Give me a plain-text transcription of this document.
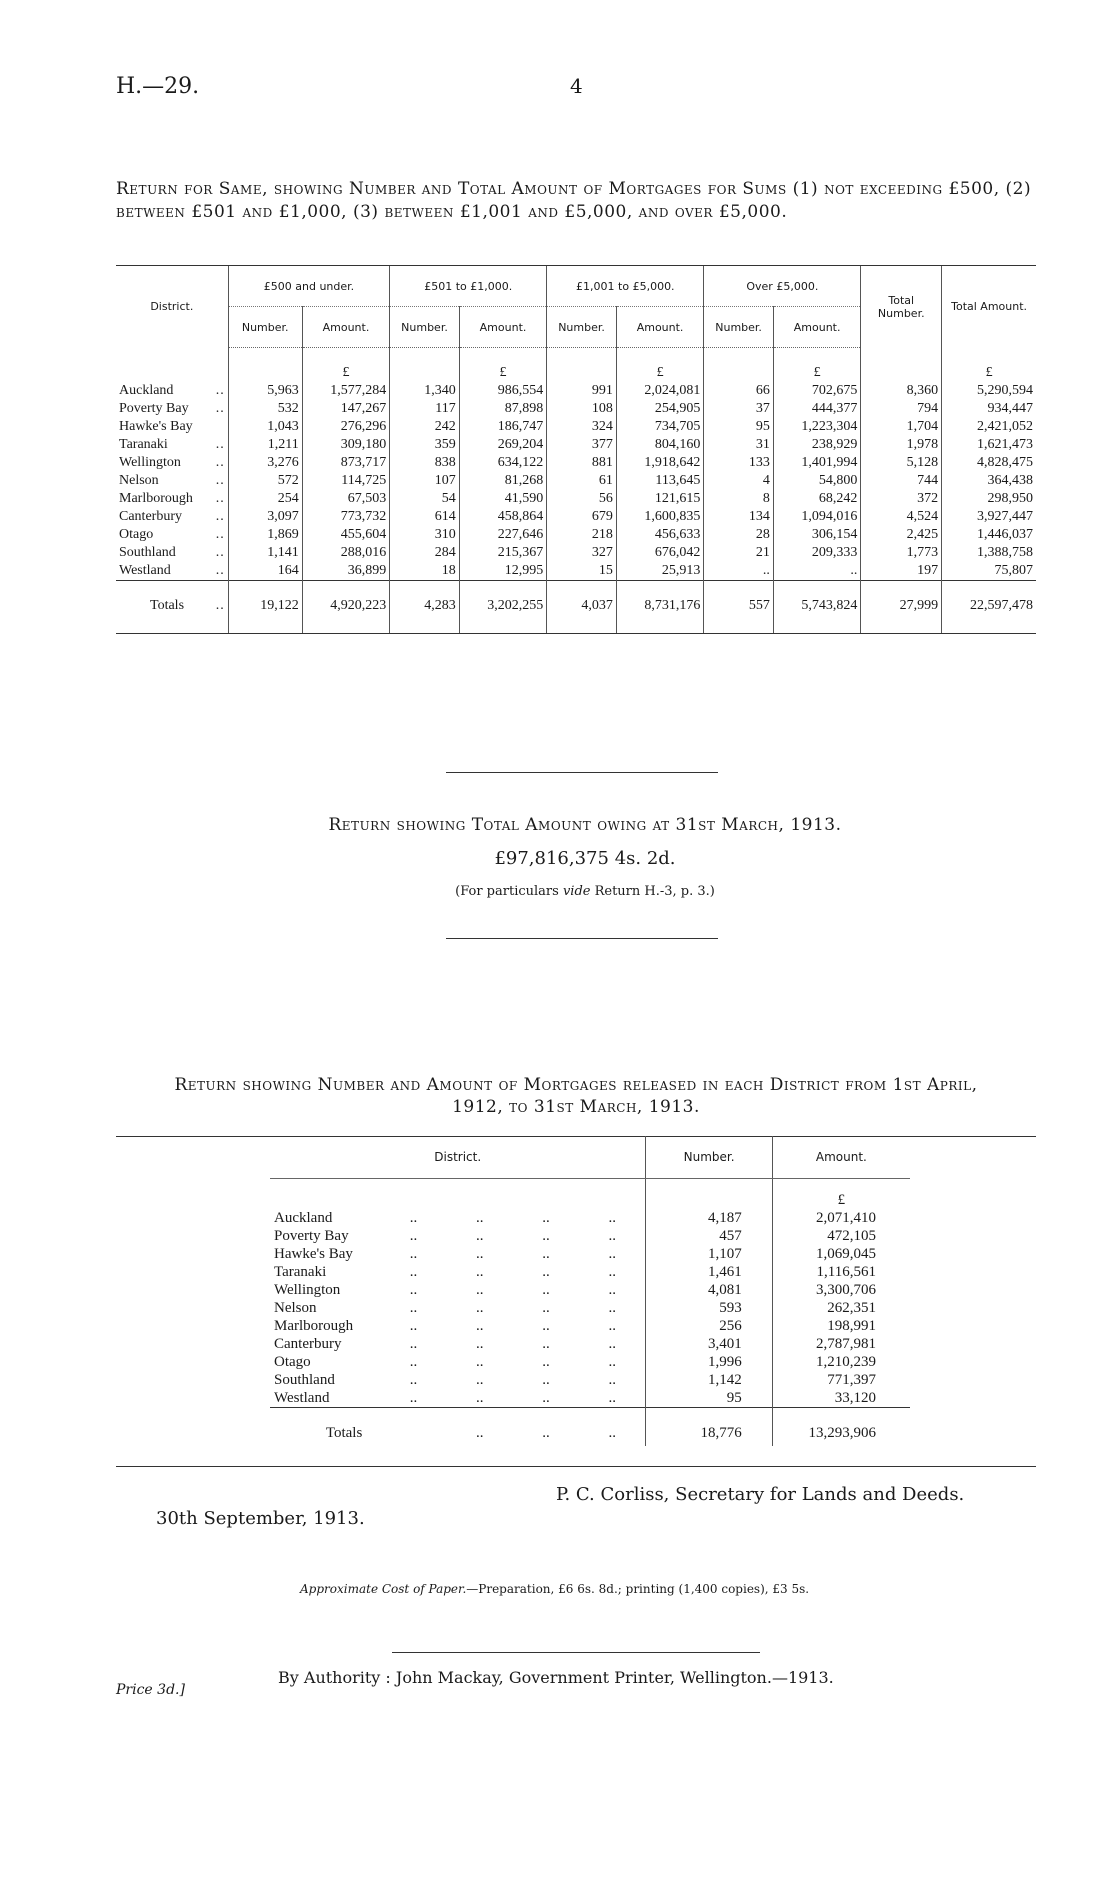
H.—29.	4
Return for Same, showing Number and Total Amount of Mortgages for Sums (1) not exceeding £500, (2) between £501 and £1,000, (3) between £1,001 and £5,000, and over £5,000.
District.	£500 and under.		£501 to £1,000.		£1,001 to £5,000.		Over £5,000.		Total Number.	Total Amount.
	Number.	Amount.	Number.	Amount.	Number.	Amount.	Number.	Amount.		
		£		£		£		£		£
Auckland ..	5,963	1,577,284	1,340	986,554	991	2,024,081	66	702,675	8,360	5,290,594
Poverty Bay ..	532	147,267	117	87,898	108	254,905	37	444,377	794	934,447
Hawke's Bay	1,043	276,296	242	186,747	324	734,705	95	1,223,304	1,704	2,421,052
Taranaki ..	1,211	309,180	359	269,204	377	804,160	31	238,929	1,978	1,621,473
Wellington ..	3,276	873,717	838	634,122	881	1,918,642	133	1,401,994	5,128	4,828,475
Nelson ..	572	114,725	107	81,268	61	113,645	4	54,800	744	364,438
Marlborough ..	254	67,503	54	41,590	56	121,615	8	68,242	372	298,950
Canterbury ..	3,097	773,732	614	458,864	679	1,600,835	134	1,094,016	4,524	3,927,447
Otago ..	1,869	455,604	310	227,646	218	456,633	28	306,154	2,425	1,446,037
Southland ..	1,141	288,016	284	215,367	327	676,042	21	209,333	1,773	1,388,758
Westland ..	164	36,899	18	12,995	15	25,913	..	..	197	75,807
Totals ..	19,122	4,920,223	4,283	3,202,255	4,037	8,731,176	557	5,743,824	27,999	22,597,478
Return showing Total Amount owing at 31st March, 1913.
£97,816,375 4s. 2d.
(For particulars vide Return H.-3, p. 3.)
Return showing Number and Amount of Mortgages released in each District from 1st April,
1912, to 31st March, 1913.
District.					Number.	Amount.
						£
Auckland	..	..	..	..	4,187	2,071,410
Poverty Bay	..	..	..	..	457	472,105
Hawke's Bay	..	..	..	..	1,107	1,069,045
Taranaki	..	..	..	..	1,461	1,116,561
Wellington	..	..	..	..	4,081	3,300,706
Nelson	..	..	..	..	593	262,351
Marlborough	..	..	..	..	256	198,991
Canterbury	..	..	..	..	3,401	2,787,981
Otago	..	..	..	..	1,996	1,210,239
Southland	..	..	..	..	1,142	771,397
Westland	..	..	..	..	95	33,120
Totals		..	..	..	18,776	13,293,906
P. C. Corliss, Secretary for Lands and Deeds.
30th September, 1913.
Approximate Cost of Paper.—Preparation, £6 6s. 8d.; printing (1,400 copies), £3 5s.
By Authority : John Mackay, Government Printer, Wellington.—1913.
Price 3d.]
